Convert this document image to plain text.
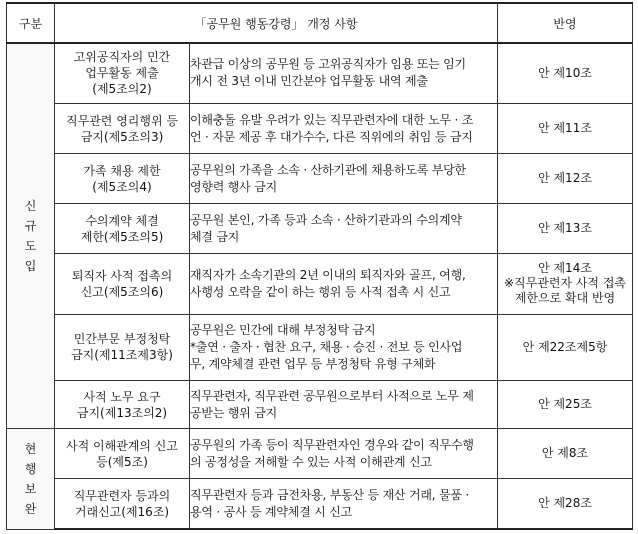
구분	「공무원 행동강령」 개정 사항		반영

신
규
도
입	고위공직자의 민간
업무활동 제출
(제5조의2)	차관급 이상의 공무원 등 고위공직자가 임용 또는 임기
개시 전 3년 이내 민간분야 업무활동 내역 제출	안 제10조

	직무관련 영리행위 등
금지(제5조의3)	이해충돌 유발 우려가 있는 직무관련자에 대한 노무 · 조
언 · 자문 제공 후 대가수수, 다른 직위에의 취임 등 금지	안 제11조

	가족 채용 제한
(제5조의4)	공무원의 가족을 소속 · 산하기관에 채용하도록 부당한
영향력 행사 금지	안 제12조

	수의계약 체결
제한(제5조의5)	공무원 본인, 가족 등과 소속 · 산하기관과의 수의계약
체결 금지	안 제13조

	퇴직자 사적 접촉의
신고(제5조의6)	재직자가 소속기관의 2년 이내의 퇴직자와 골프, 여행,
사행성 오락을 같이 하는 행위 등 사적 접촉 시 신고	안 제14조
※직무관련자 사적 접촉
제한으로 확대 반영

	민간부문 부정청탁
금지(제11조제3항)	공무원은 민간에 대해 부정청탁 금지
*출연 · 출자 · 협찬 요구, 채용 · 승진 · 전보 등 인사업
무, 계약체결 관련 업무 등 부정청탁 유형 구체화	안 제22조제5항

	사적 노무 요구
금지(제13조의2)	직무관련자, 직무관련 공무원으로부터 사적으로 노무 제
공받는 행위 금지	안 제25조

현
행
보
완	사적 이해관계의 신고
등(제5조)	공무원의 가족 등이 직무관련자인 경우와 같이 직무수행
의 공정성을 저해할 수 있는 사적 이해관계 신고	안 제8조

	직무관련자 등과의
거래신고(제16조)	직무관련자 등과 금전차용, 부동산 등 재산 거래, 물품 ·
용역 · 공사 등 계약체결 시 신고	안 제28조
